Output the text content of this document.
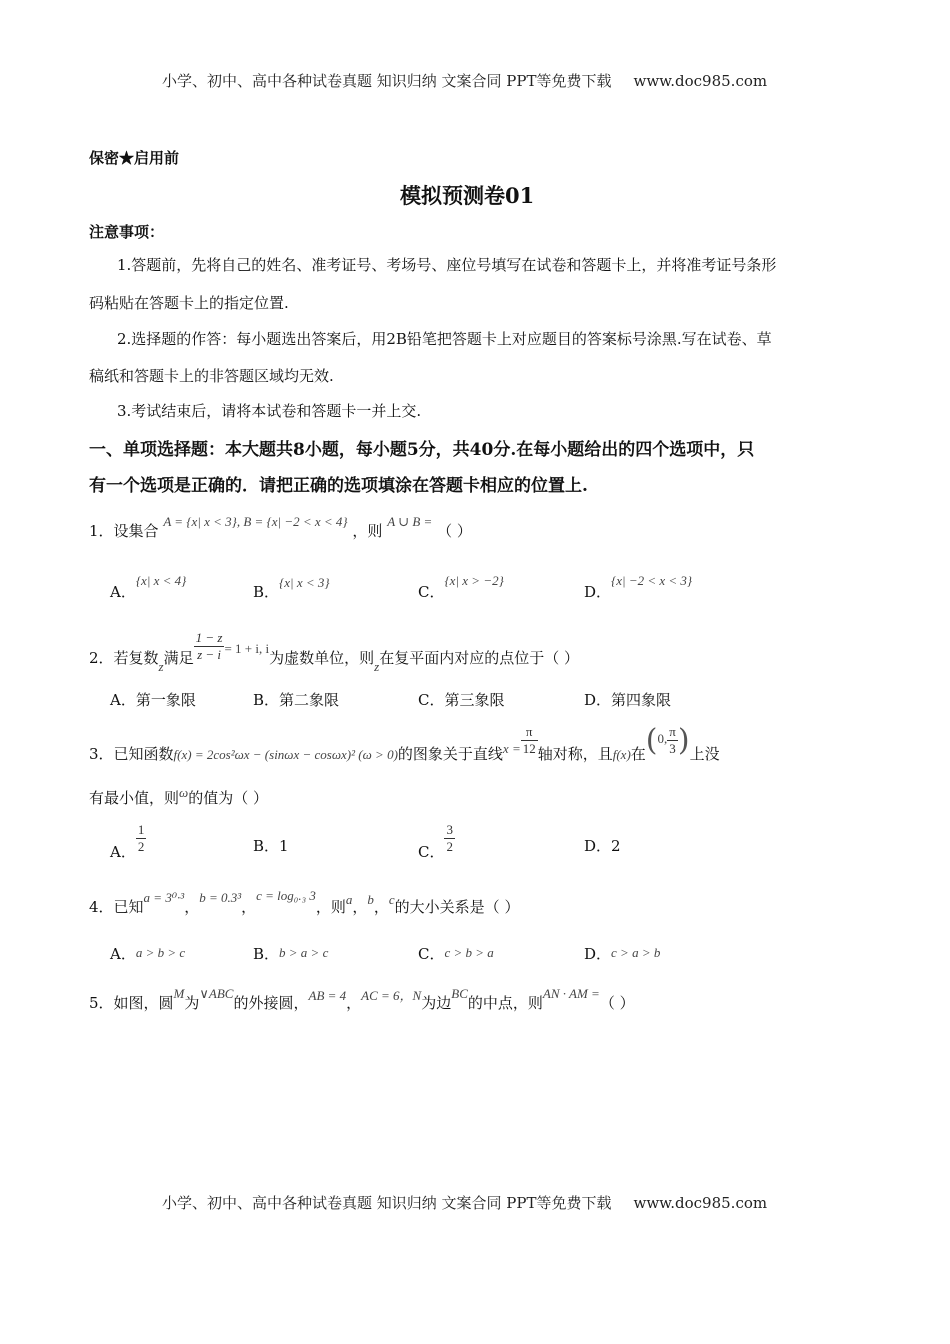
小学、初中、高中各种试卷真题 知识归纳 文案合同 PPT等免费下载 www.doc985.com
保密★启用前
模拟预测卷01
注意事项：
1.答题前，先将自己的姓名、准考证号、考场号、座位号填写在试卷和答题卡上，并将准考证号条形
码粘贴在答题卡上的指定位置.
2.选择题的作答：每小题选出答案后，用2B铅笔把答题卡上对应题目的答案标号涂黑.写在试卷、草
稿纸和答题卡上的非答题区域均无效.
3.考试结束后，请将本试卷和答题卡一并上交.
一、单项选择题：本大题共8小题，每小题5分，共40分.在每小题给出的四个选项中，只
有一个选项是正确的．请把正确的选项填涂在答题卡相应的位置上.
1．设集合 A = {x| x < 3}, B = {x| −2 < x < 4} ，则 A ∪ B = （ ）
A．{x| x < 4}
B．{x| x < 3}
C．{x| x > −2}
D．{x| −2 < x < 3}
2．若复数z满足 $\frac{1 - z}{z - i} = 1 + i$, i为虚数单位，则z在复平面内对应的点位于（ ）
A．第一象限	B．第二象限	C．第三象限	D．第四象限
3．已知函数f(x) = 2cos²ωx − (sinωx − cosωx)² (ω > 0)的图象关于直线$x = \frac{\pi}{12}$ 轴对称，且f(x)在(0, $\frac{\pi}{3}$ )上没
有最小值，则ω的值为（ ）
A． $\frac{1}{2}$	B．1	C． $\frac{3}{2}$	D．2
4．已知a = 3⁰·³，b = 0.3³，c = log₀.₃ 3，则a，b，c的大小关系是（ ）
A．a > b > c	B．b > a > c	C．c > b > a	D．c > a > b
5．如图，圆M为∨ABC的外接圆，AB = 4，AC = 6，N为边BC的中点，则AN · AM =（ ）
小学、初中、高中各种试卷真题 知识归纳 文案合同 PPT等免费下载 www.doc985.com
